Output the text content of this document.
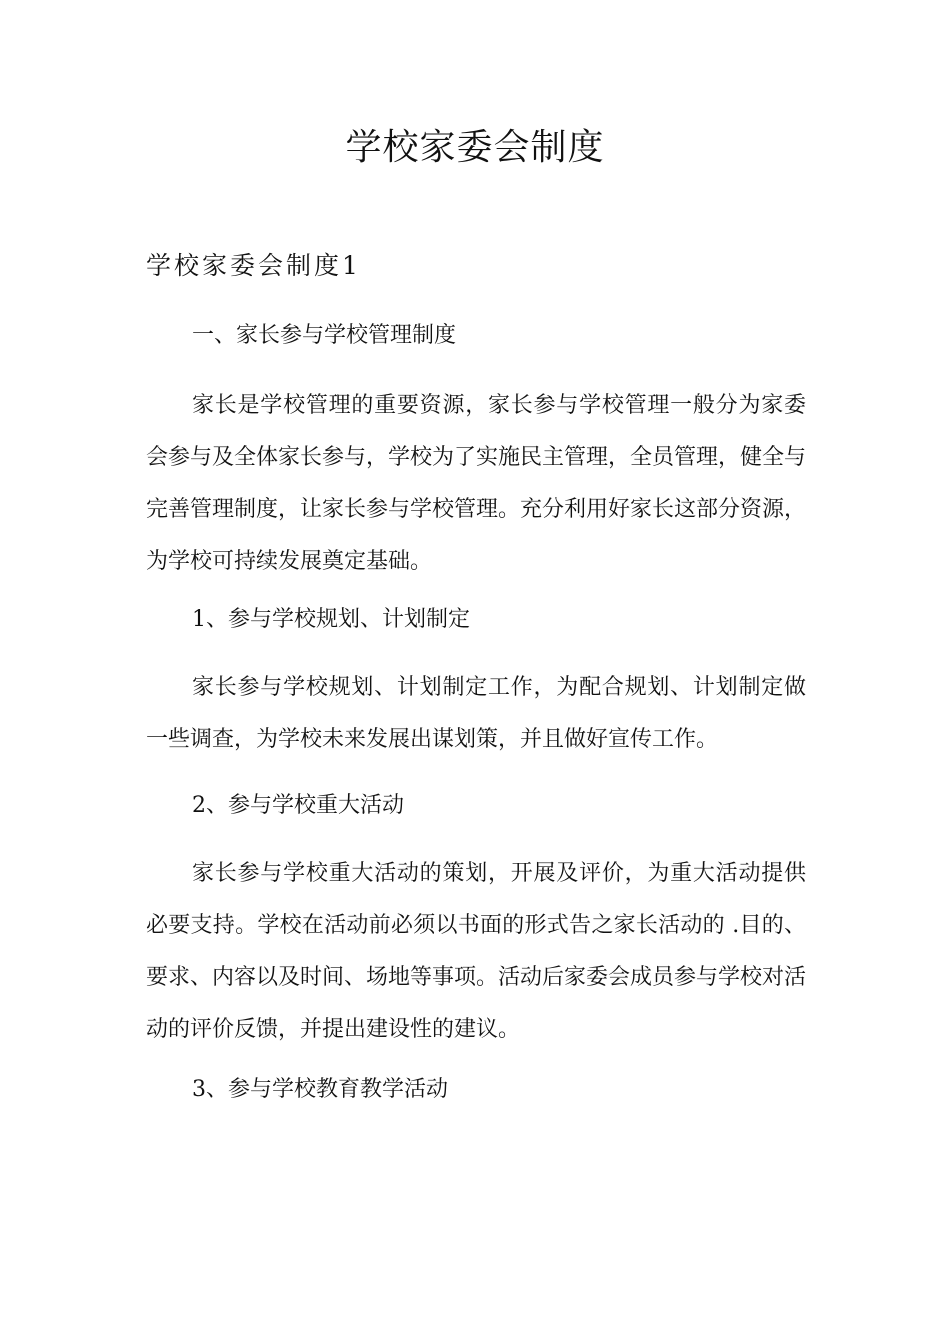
学校家委会制度
学校家委会制度1
一、家长参与学校管理制度

家长是学校管理的重要资源，家长参与学校管理一般分为家委会参与及全体家长参与，学校为了实施民主管理，全员管理，健全与完善管理制度，让家长参与学校管理。充分利用好家长这部分资源，为学校可持续发展奠定基础。

1、参与学校规划、计划制定

家长参与学校规划、计划制定工作，为配合规划、计划制定做一些调查，为学校未来发展出谋划策，并且做好宣传工作。

2、参与学校重大活动

家长参与学校重大活动的策划，开展及评价，为重大活动提供必要支持。学校在活动前必须以书面的形式告之家长活动的 .目的、要求、内容以及时间、场地等事项。活动后家委会成员参与学校对活动的评价反馈，并提出建设性的建议。

3、参与学校教育教学活动
